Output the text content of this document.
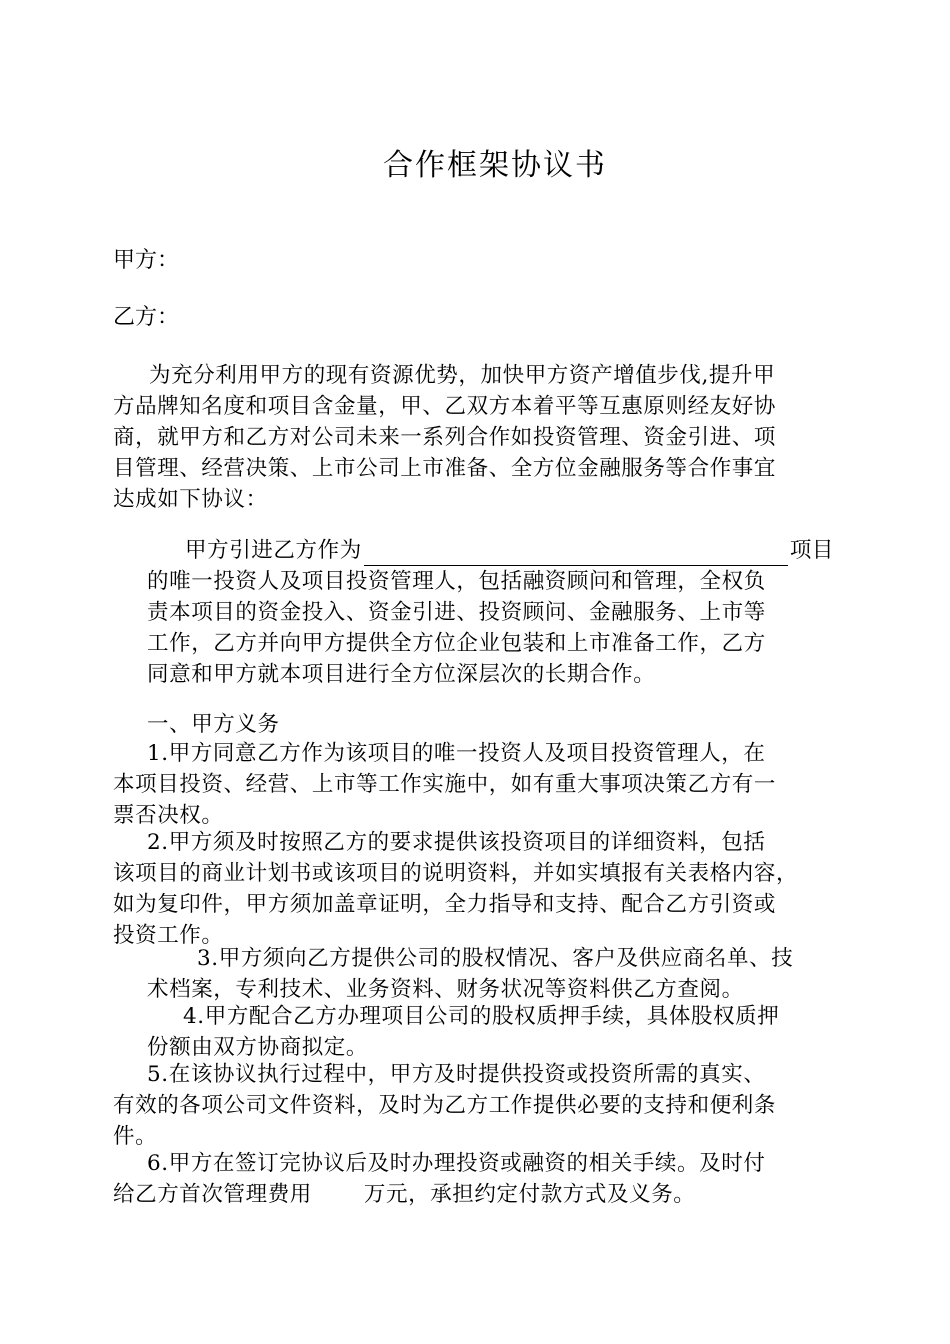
合作框架协议书
甲方：
乙方：
为充分利用甲方的现有资源优势，加快甲方资产增值步伐,提升甲
方品牌知名度和项目含金量，甲、乙双方本着平等互惠原则经友好协
商，就甲方和乙方对公司未来一系列合作如投资管理、资金引进、项
目管理、经营决策、上市公司上市准备、全方位金融服务等合作事宜
达成如下协议：
甲方引进乙方作为	项目
的唯一投资人及项目投资管理人，包括融资顾问和管理，全权负
责本项目的资金投入、资金引进、投资顾问、金融服务、上市等
工作，乙方并向甲方提供全方位企业包装和上市准备工作，乙方
同意和甲方就本项目进行全方位深层次的长期合作。
一、甲方义务
1.甲方同意乙方作为该项目的唯一投资人及项目投资管理人，在
本项目投资、经营、上市等工作实施中，如有重大事项决策乙方有一
票否决权。
2.甲方须及时按照乙方的要求提供该投资项目的详细资料，包括
该项目的商业计划书或该项目的说明资料，并如实填报有关表格内容，
如为复印件，甲方须加盖章证明，全力指导和支持、配合乙方引资或
投资工作。
3.甲方须向乙方提供公司的股权情况、客户及供应商名单、技
术档案，专利技术、业务资料、财务状况等资料供乙方查阅。
4.甲方配合乙方办理项目公司的股权质押手续，具体股权质押
份额由双方协商拟定。
5.在该协议执行过程中，甲方及时提供投资或投资所需的真实、
有效的各项公司文件资料，及时为乙方工作提供必要的支持和便利条
件。
6.甲方在签订完协议后及时办理投资或融资的相关手续。及时付
给乙方首次管理费用 万元，承担约定付款方式及义务。
